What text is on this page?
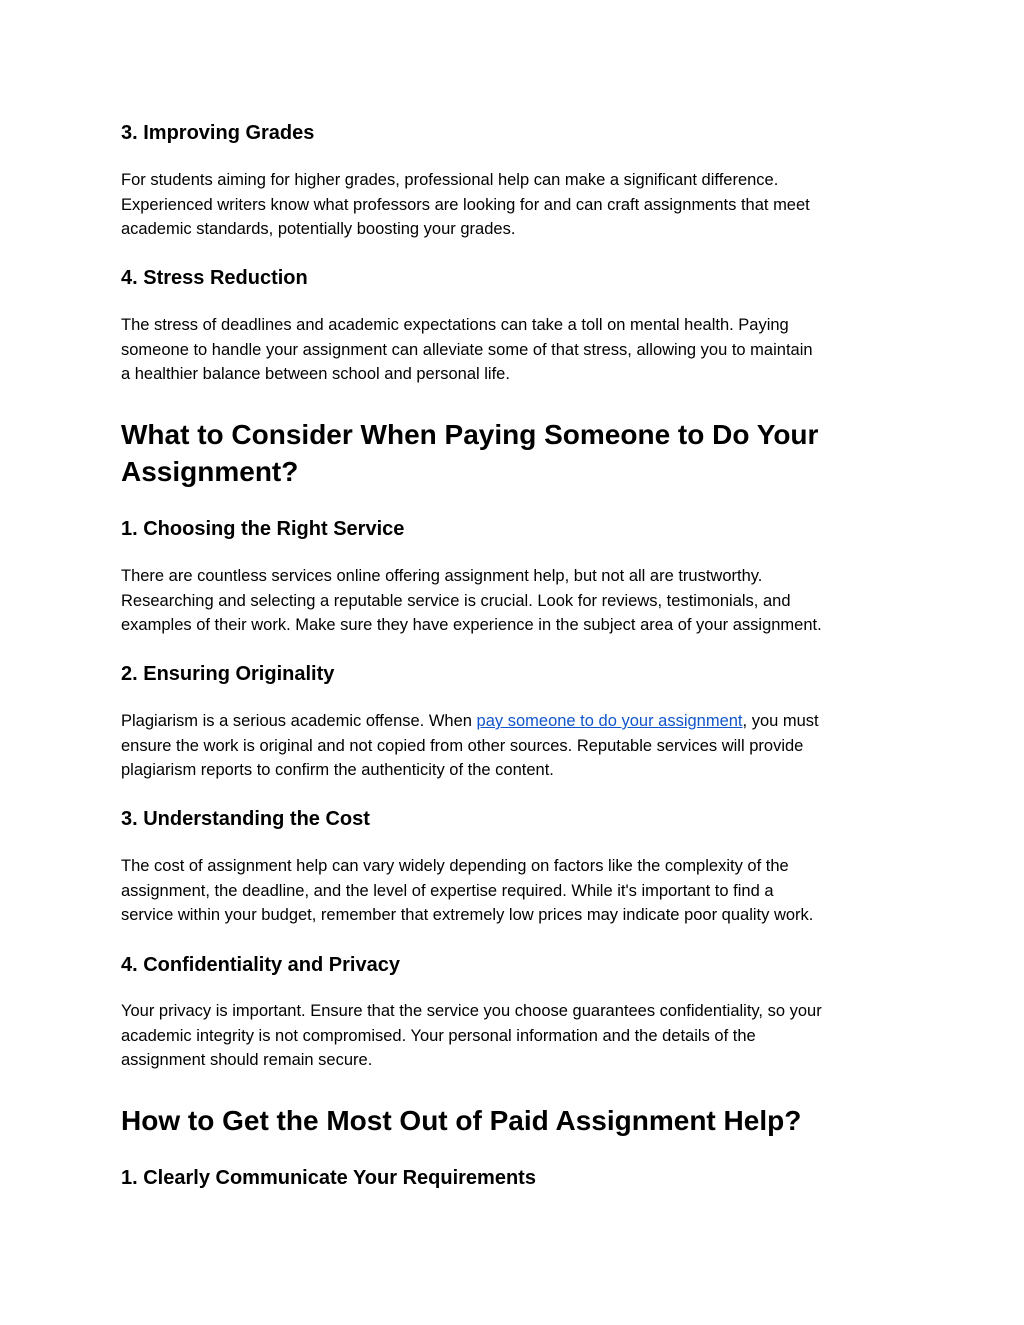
3. Improving Grades

For students aiming for higher grades, professional help can make a significant difference.
Experienced writers know what professors are looking for and can craft assignments that meet
academic standards, potentially boosting your grades.

4. Stress Reduction

The stress of deadlines and academic expectations can take a toll on mental health. Paying
someone to handle your assignment can alleviate some of that stress, allowing you to maintain
a healthier balance between school and personal life.

What to Consider When Paying Someone to Do Your
Assignment?
1. Choosing the Right Service

There are countless services online offering assignment help, but not all are trustworthy.
Researching and selecting a reputable service is crucial. Look for reviews, testimonials, and
examples of their work. Make sure they have experience in the subject area of your assignment.

2. Ensuring Originality

Plagiarism is a serious academic offense. When pay someone to do your assignment, you must
ensure the work is original and not copied from other sources. Reputable services will provide
plagiarism reports to confirm the authenticity of the content.

3. Understanding the Cost

The cost of assignment help can vary widely depending on factors like the complexity of the
assignment, the deadline, and the level of expertise required. While it's important to find a
service within your budget, remember that extremely low prices may indicate poor quality work.

4. Confidentiality and Privacy

Your privacy is important. Ensure that the service you choose guarantees confidentiality, so your
academic integrity is not compromised. Your personal information and the details of the
assignment should remain secure.

How to Get the Most Out of Paid Assignment Help?
1. Clearly Communicate Your Requirements
